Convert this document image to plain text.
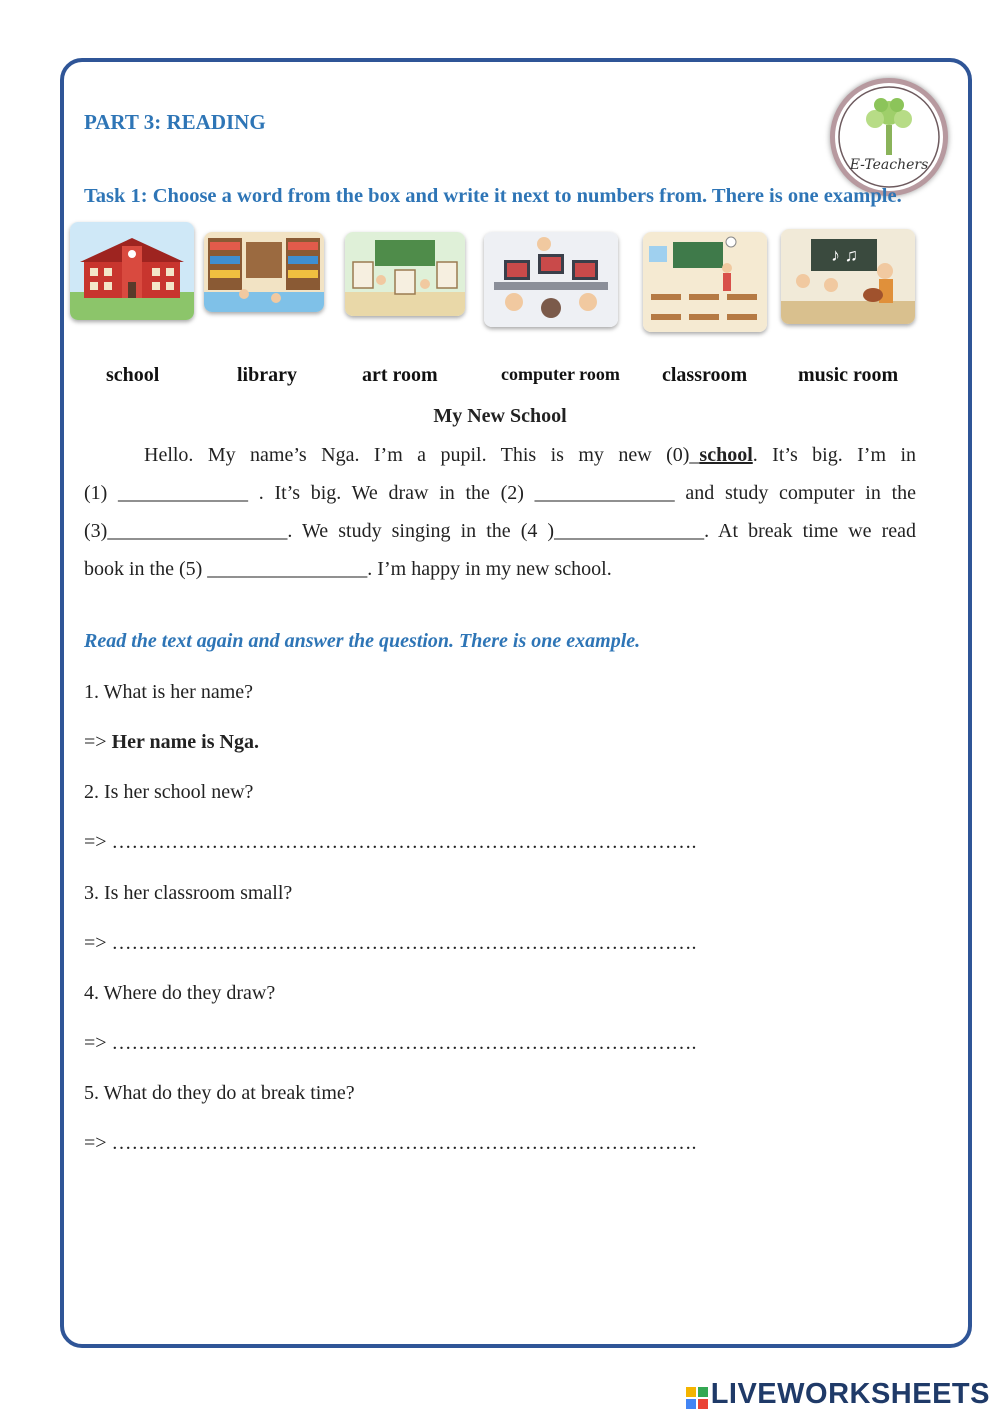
PART 3: READING
E-Teachers
Task 1: Choose a word from the box and write it next to numbers from. There is one example.
♪ ♫
school	library	art room	computer room classroom	music room
My New School
Hello. My name’s Nga. I’m a pupil. This is my new (0)_school. It’s big. I’m in
(1) _____________ . It’s big. We draw in the (2) ______________ and study computer in the
(3)__________________. We study singing in the (4 )_______________. At break time we read
book in the (5) ________________. I’m happy in my new school.
Read the text again and answer the question. There is one example.
1. What is her name?
=> Her name is Nga.
2. Is her school new?
=> …………………………………………………………………………….
3. Is her classroom small?
=> …………………………………………………………………………….
4. Where do they draw?
=> …………………………………………………………………………….
5. What do they do at break time?
=> …………………………………………………………………………….
LIVEWORKSHEETS
